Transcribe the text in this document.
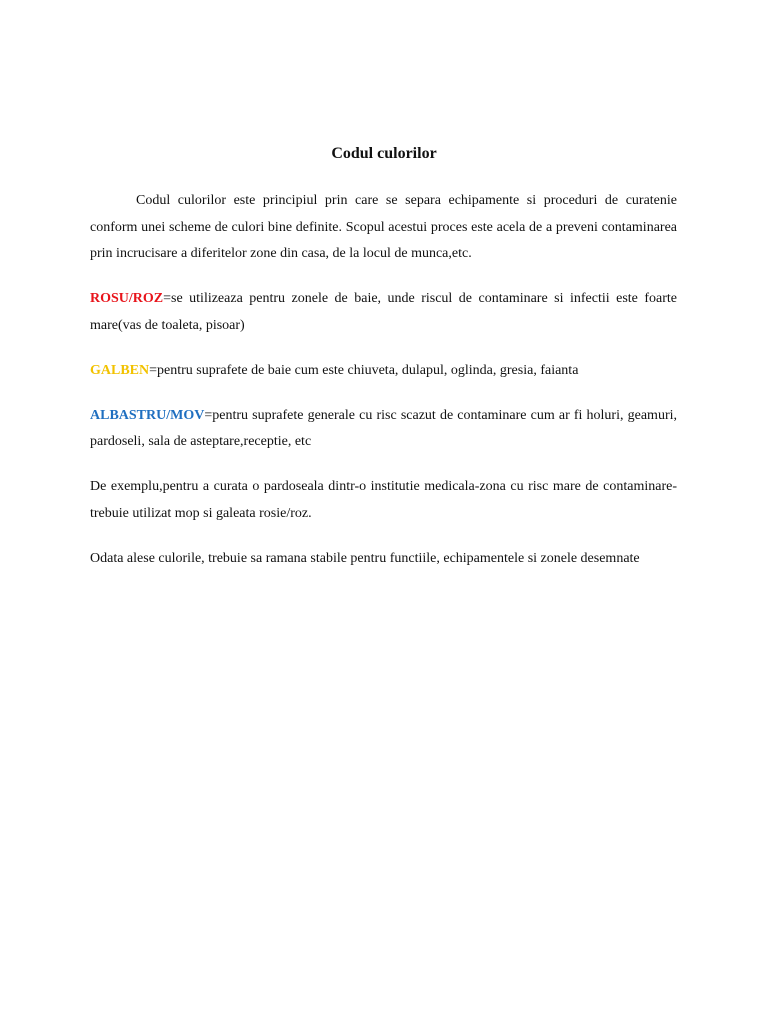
Codul culorilor

Codul culorilor este principiul prin care se separa echipamente si proceduri de curatenie conform unei scheme de culori bine definite. Scopul acestui proces este acela de a preveni contaminarea prin incrucisare a diferitelor zone din casa, de la locul de munca,etc.

ROSU/ROZ=se utilizeaza pentru zonele de baie, unde riscul de contaminare si infectii este foarte mare(vas de toaleta, pisoar)

GALBEN=pentru suprafete de baie cum este chiuveta, dulapul, oglinda, gresia, faianta

ALBASTRU/MOV=pentru suprafete generale cu risc scazut de contaminare cum ar fi holuri, geamuri, pardoseli, sala de asteptare,receptie, etc

De exemplu,pentru a curata o pardoseala dintr-o institutie medicala-zona cu risc mare de contaminare-trebuie utilizat mop si galeata rosie/roz.

Odata alese culorile, trebuie sa ramana stabile pentru functiile, echipamentele si zonele desemnate
